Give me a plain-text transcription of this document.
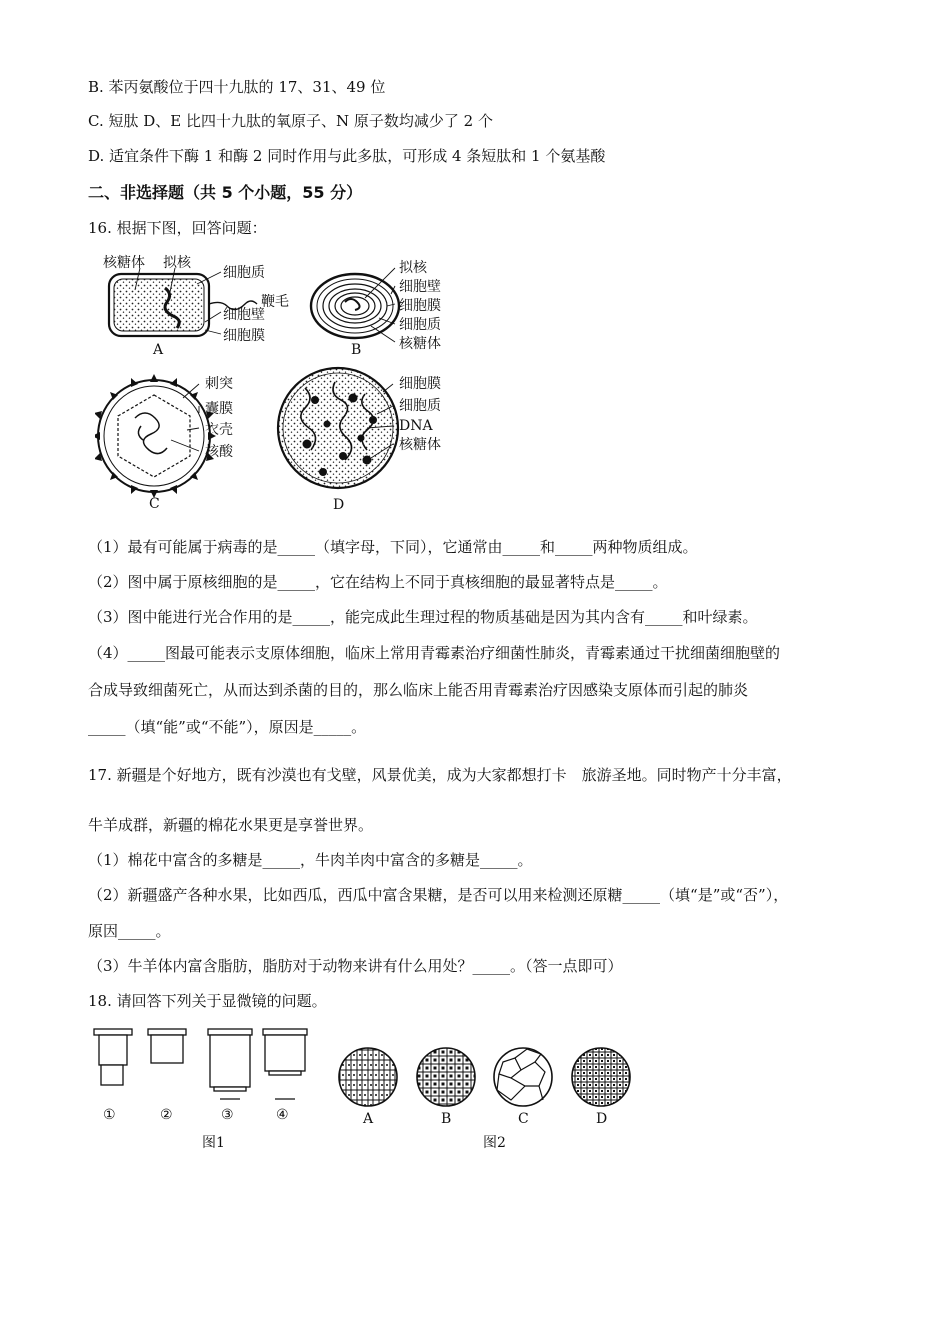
B. 苯丙氨酸位于四十九肽的 17、31、49 位
C. 短肽 D、E 比四十九肽的氧原子、N 原子数均减少了 2 个
D. 适宜条件下酶 1 和酶 2 同时作用与此多肽，可形成 4 条短肽和 1 个氨基酸
二、非选择题（共 5 个小题，55 分）
16. 根据下图，回答问题：
核糖体 拟核
细胞质
鞭毛
细胞壁
细胞膜
A
拟核
细胞壁
细胞膜
细胞质
核糖体
B
刺突
囊膜
衣壳
核酸
C
细胞膜
细胞质
DNA
核糖体
D
（1）最有可能属于病毒的是_____（填字母，下同），它通常由_____和_____两种物质组成。
（2）图中属于原核细胞的是_____，它在结构上不同于真核细胞的最显著特点是_____。
（3）图中能进行光合作用的是_____，能完成此生理过程的物质基础是因为其内含有_____和叶绿素。
（4）_____图最可能表示支原体细胞，临床上常用青霉素治疗细菌性肺炎，青霉素通过干扰细菌细胞壁的
合成导致细菌死亡，从而达到杀菌的目的，那么临床上能否用青霉素治疗因感染支原体而引起的肺炎
_____（填“能”或“不能”），原因是_____。
17. 新疆是个好地方，既有沙漠也有戈壁，风景优美，成为大家都想打卡　旅游圣地。同时物产十分丰富，
牛羊成群，新疆的棉花水果更是享誉世界。
（1）棉花中富含的多糖是_____，牛肉羊肉中富含的多糖是_____。
（2）新疆盛产各种水果，比如西瓜，西瓜中富含果糖，是否可以用来检测还原糖_____（填“是”或“否”），
原因_____。
（3）牛羊体内富含脂肪，脂肪对于动物来讲有什么用处？_____。（答一点即可）
18. 请回答下列关于显微镜的问题。
①	②	③	④
图1
A	B	C	D
图2
